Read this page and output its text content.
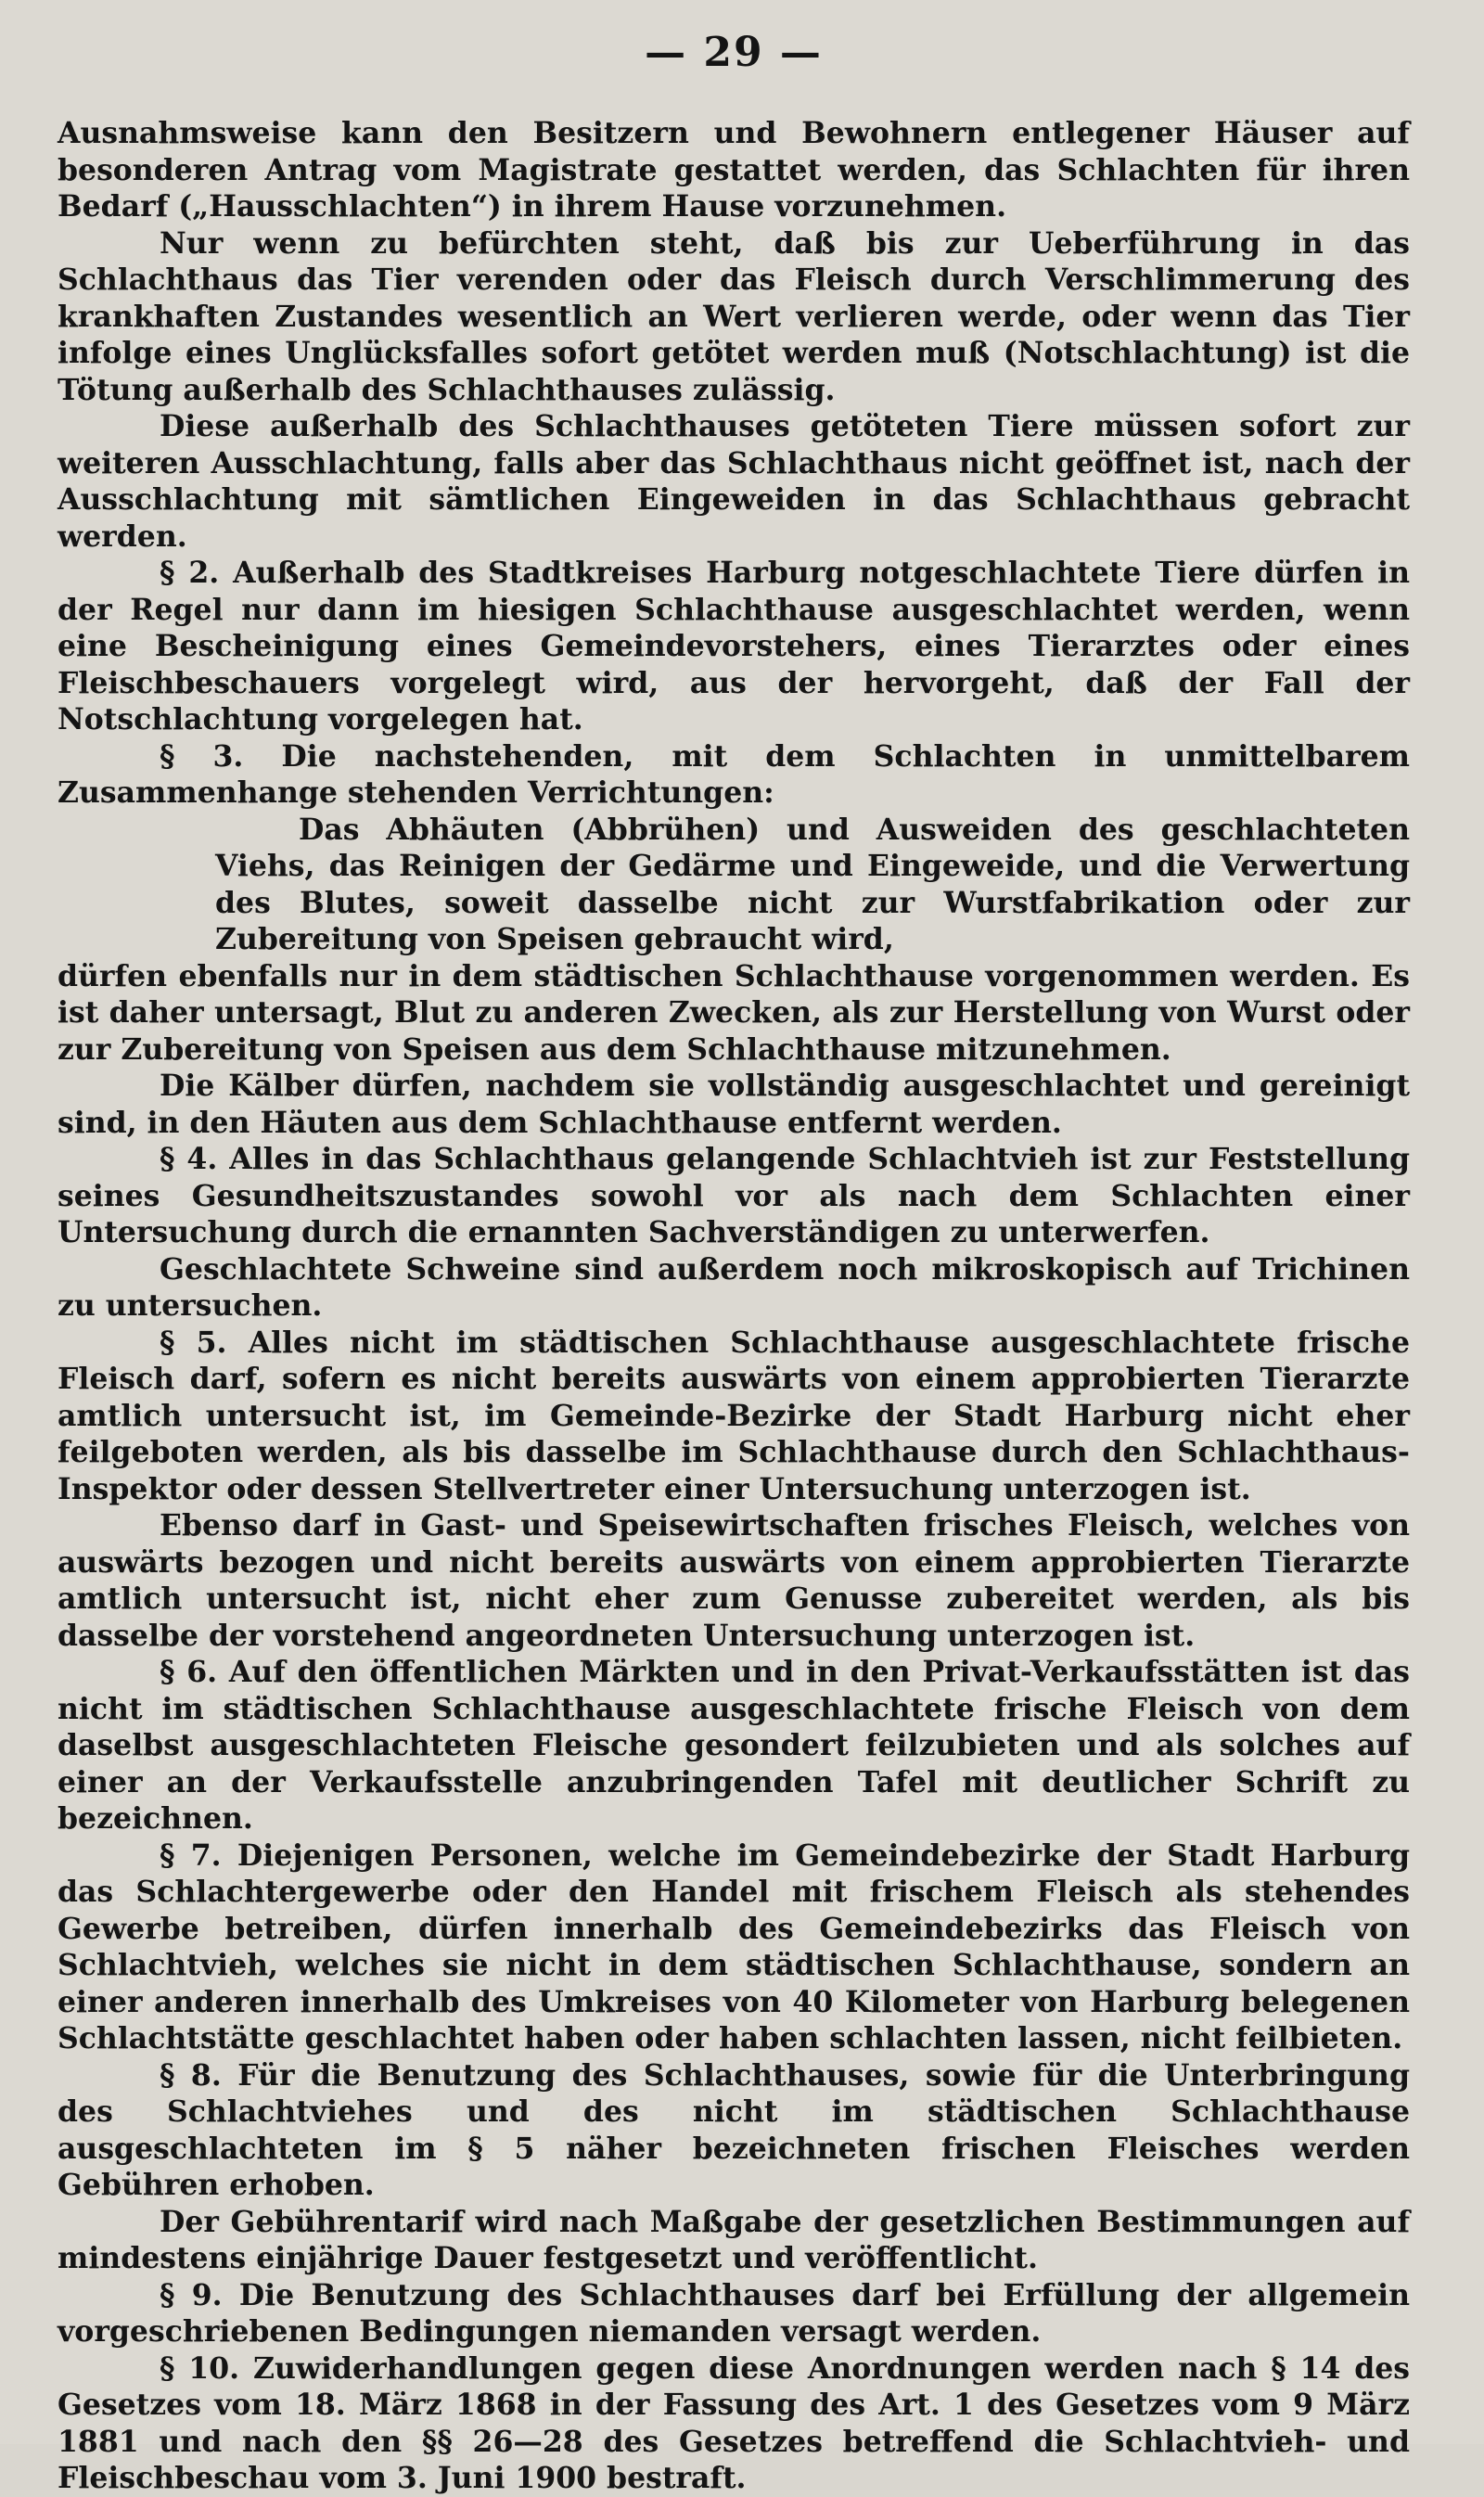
— 29 —

Ausnahmsweise kann den Besitzern und Bewohnern entlegener Häuser auf besonderen Antrag vom Magistrate gestattet werden, das Schlachten für ihren Bedarf („Hausschlachten“) in ihrem Hause vorzunehmen.

Nur wenn zu befürchten steht, daß bis zur Ueberführung in das Schlachthaus das Tier verenden oder das Fleisch durch Verschlimmerung des krankhaften Zustandes wesentlich an Wert verlieren werde, oder wenn das Tier infolge eines Unglücksfalles sofort getötet werden muß (Notschlachtung) ist die Tötung außerhalb des Schlachthauses zulässig.

Diese außerhalb des Schlachthauses getöteten Tiere müssen sofort zur weiteren Ausschlachtung, falls aber das Schlachthaus nicht geöffnet ist, nach der Ausschlachtung mit sämtlichen Eingeweiden in das Schlachthaus gebracht werden.

§ 2. Außerhalb des Stadtkreises Harburg notgeschlachtete Tiere dürfen in der Regel nur dann im hiesigen Schlachthause ausgeschlachtet werden, wenn eine Bescheinigung eines Gemeindevorstehers, eines Tierarztes oder eines Fleischbeschauers vorgelegt wird, aus der hervorgeht, daß der Fall der Notschlachtung vorgelegen hat.

§ 3. Die nachstehenden, mit dem Schlachten in unmittelbarem Zusammenhange stehenden Verrichtungen:

Das Abhäuten (Abbrühen) und Ausweiden des geschlachteten Viehs, das Reinigen der Gedärme und Eingeweide, und die Verwertung des Blutes, soweit dasselbe nicht zur Wurstfabrikation oder zur Zubereitung von Speisen gebraucht wird,

dürfen ebenfalls nur in dem städtischen Schlachthause vorgenommen werden. Es ist daher untersagt, Blut zu anderen Zwecken, als zur Herstellung von Wurst oder zur Zubereitung von Speisen aus dem Schlachthause mitzunehmen.

Die Kälber dürfen, nachdem sie vollständig ausgeschlachtet und gereinigt sind, in den Häuten aus dem Schlachthause entfernt werden.

§ 4. Alles in das Schlachthaus gelangende Schlachtvieh ist zur Feststellung seines Gesundheitszustandes sowohl vor als nach dem Schlachten einer Untersuchung durch die ernannten Sachverständigen zu unterwerfen.

Geschlachtete Schweine sind außerdem noch mikroskopisch auf Trichinen zu untersuchen.

§ 5. Alles nicht im städtischen Schlachthause ausgeschlachtete frische Fleisch darf, sofern es nicht bereits auswärts von einem approbierten Tierarzte amtlich untersucht ist, im Gemeinde-Bezirke der Stadt Harburg nicht eher feilgeboten werden, als bis dasselbe im Schlachthause durch den Schlachthaus-Inspektor oder dessen Stellvertreter einer Untersuchung unterzogen ist.

Ebenso darf in Gast- und Speisewirtschaften frisches Fleisch, welches von auswärts bezogen und nicht bereits auswärts von einem approbierten Tierarzte amtlich untersucht ist, nicht eher zum Genusse zubereitet werden, als bis dasselbe der vorstehend angeordneten Untersuchung unterzogen ist.

§ 6. Auf den öffentlichen Märkten und in den Privat-Verkaufsstätten ist das nicht im städtischen Schlachthause ausgeschlachtete frische Fleisch von dem daselbst ausgeschlachteten Fleische gesondert feilzubieten und als solches auf einer an der Verkaufsstelle anzubringenden Tafel mit deutlicher Schrift zu bezeichnen.

§ 7. Diejenigen Personen, welche im Gemeindebezirke der Stadt Harburg das Schlachtergewerbe oder den Handel mit frischem Fleisch als stehendes Gewerbe betreiben, dürfen innerhalb des Gemeindebezirks das Fleisch von Schlachtvieh, welches sie nicht in dem städtischen Schlachthause, sondern an einer anderen innerhalb des Umkreises von 40 Kilometer von Harburg belegenen Schlachtstätte geschlachtet haben oder haben schlachten lassen, nicht feilbieten.

§ 8. Für die Benutzung des Schlachthauses, sowie für die Unterbringung des Schlachtviehes und des nicht im städtischen Schlachthause ausgeschlachteten im § 5 näher bezeichneten frischen Fleisches werden Gebühren erhoben.

Der Gebührentarif wird nach Maßgabe der gesetzlichen Bestimmungen auf mindestens einjährige Dauer festgesetzt und veröffentlicht.

§ 9. Die Benutzung des Schlachthauses darf bei Erfüllung der allgemein vorgeschriebenen Bedingungen niemanden versagt werden.

§ 10. Zuwiderhandlungen gegen diese Anordnungen werden nach § 14 des Gesetzes vom 18. März 1868 in der Fassung des Art. 1 des Gesetzes vom 9 März 1881 und nach den §§ 26—28 des Gesetzes betreffend die Schlachtvieh- und Fleischbeschau vom 3. Juni 1900 bestraft.
